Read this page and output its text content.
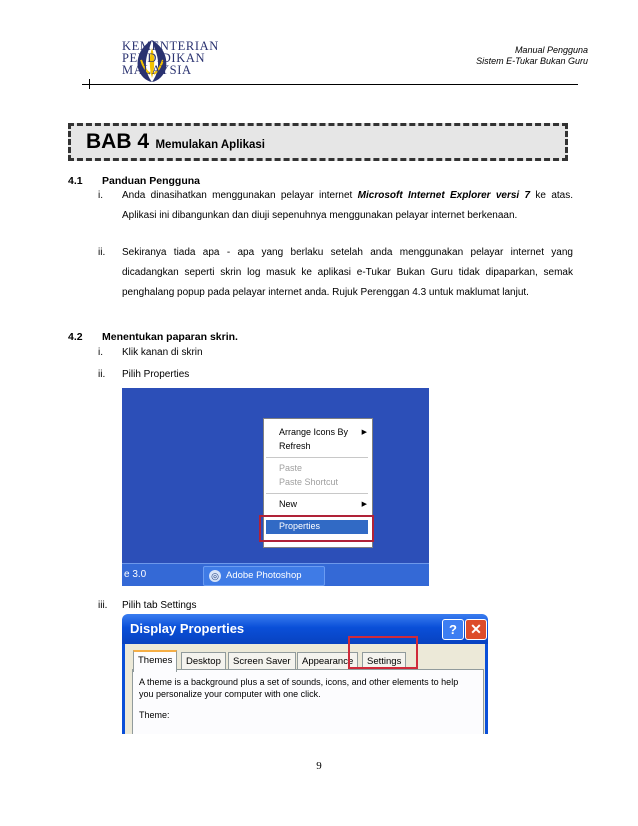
KEMENTERIAN
PENDIDIKAN
MALAYSIA
Manual Pengguna
Sistem E-Tukar Bukan Guru
BAB 4 Memulakan Aplikasi
4.1 Panduan Pengguna
i. Anda dinasihatkan menggunakan pelayar internet Microsoft Internet Explorer versi 7 ke atas. Aplikasi ini dibangunkan dan diuji sepenuhnya menggunakan pelayar internet berkenaan.
ii. Sekiranya tiada apa - apa yang berlaku setelah anda menggunakan pelayar internet yang dicadangkan seperti skrin log masuk ke aplikasi e-Tukar Bukan Guru tidak dipaparkan, semak penghalang popup pada pelayar internet anda. Rujuk Perenggan 4.3 untuk maklumat lanjut.
4.2 Menentukan paparan skrin.
i. Klik kanan di skrin
ii. Pilih Properties
Arrange Icons By ▶
Refresh
Paste
Paste Shortcut
New	▶
Properties
e 3.0	◎ Adobe Photoshop
iii. Pilih tab Settings
Display Properties	? ✕
Themes	Desktop	Screen Saver	Appearance	Settings
A theme is a background plus a set of sounds, icons, and other elements to help you personalize your computer with one click.
Theme:
9
